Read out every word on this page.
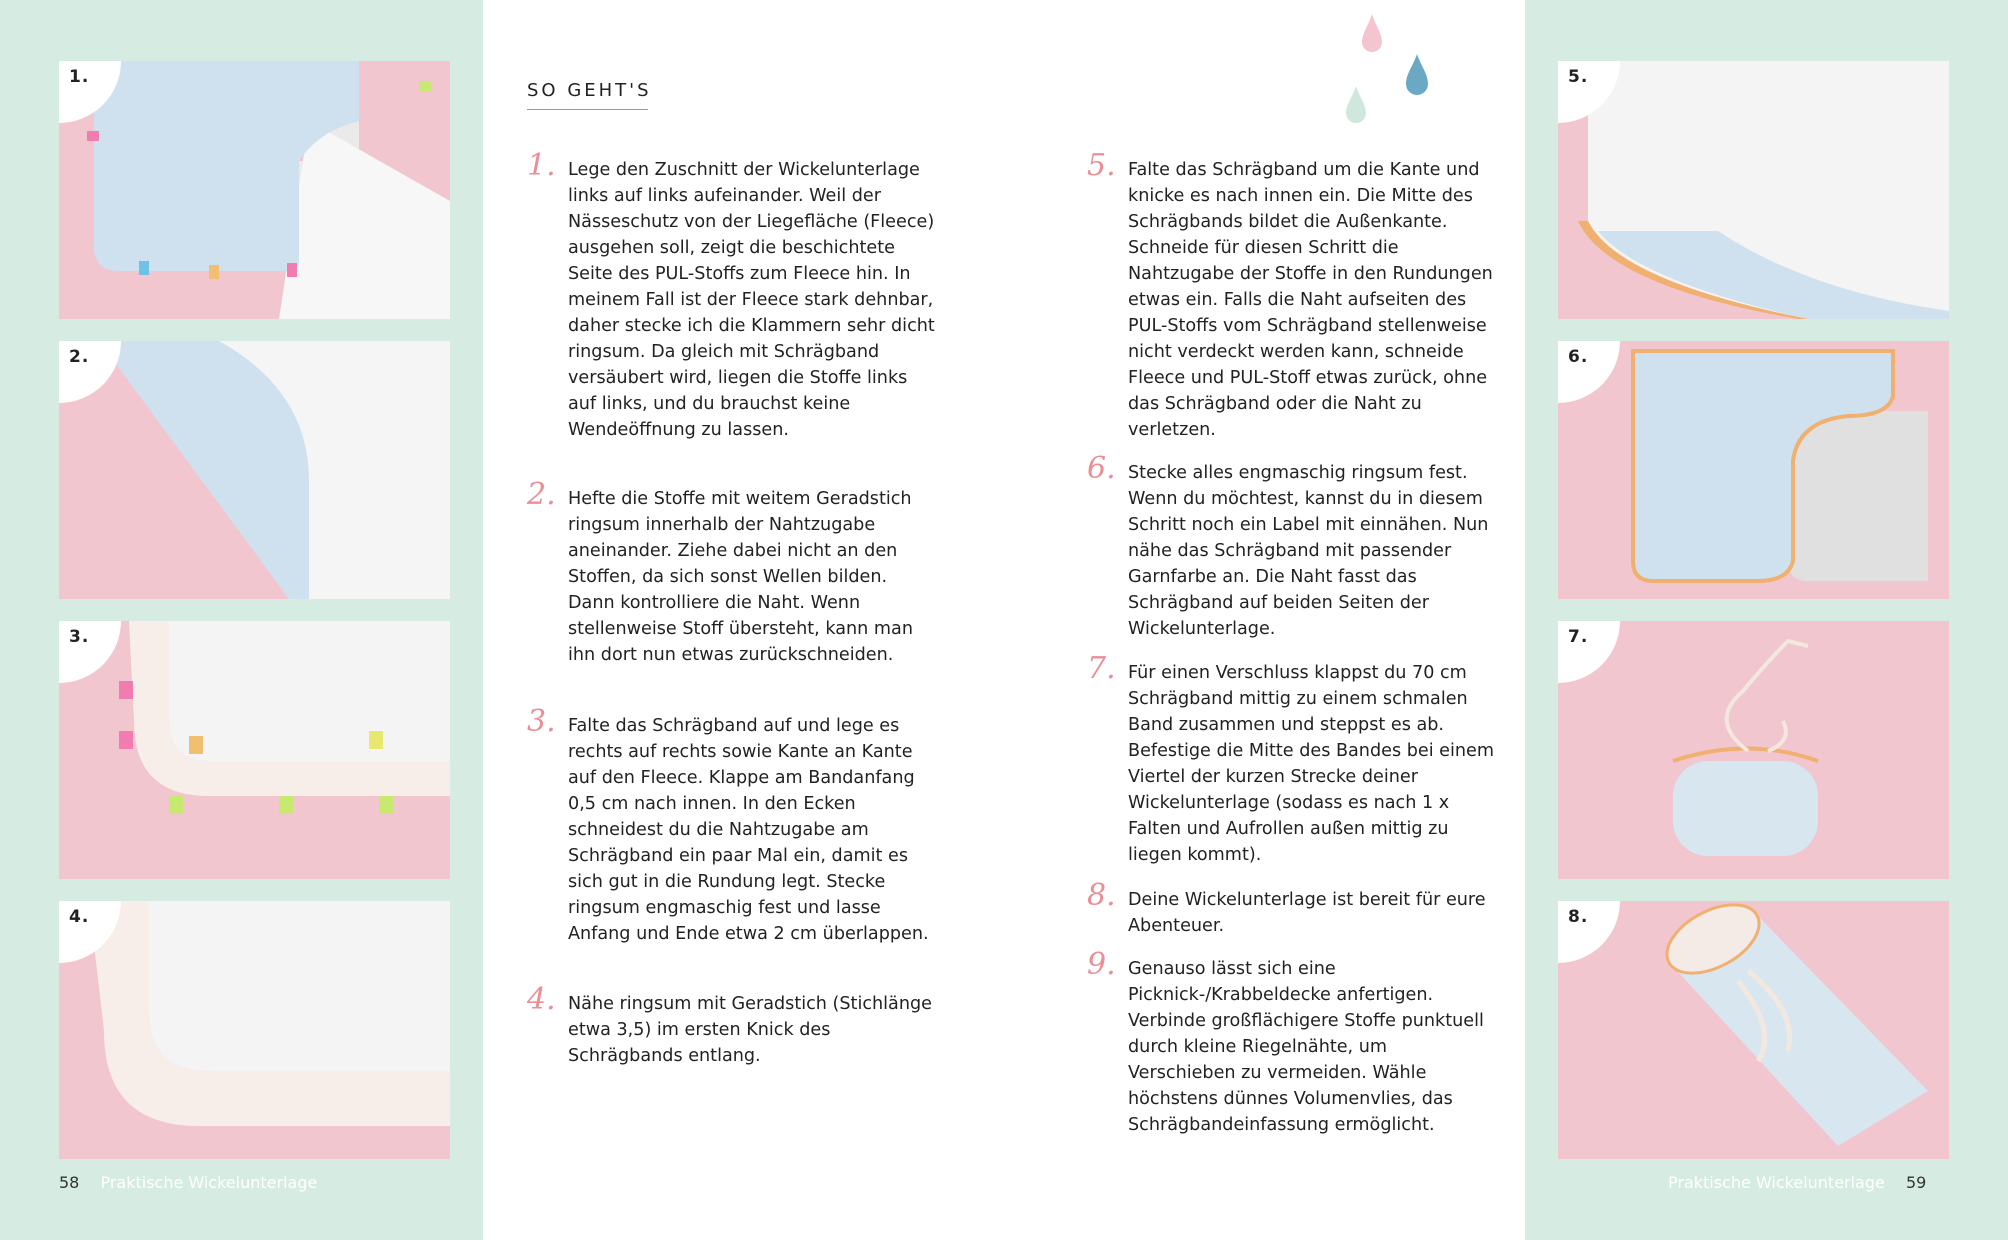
1.
2.
3.
4.
5.
6.
7.
8.
SO GEHT'S
1. Lege den Zuschnitt der Wickelunterlage links auf links aufeinander. Weil der Nässeschutz von der Liegefläche (Fleece) ausgehen soll, zeigt die beschichtete Seite des PUL-Stoffs zum Fleece hin. In meinem Fall ist der Fleece stark dehnbar, daher stecke ich die Klammern sehr dicht ringsum. Da gleich mit Schrägband versäubert wird, liegen die Stoffe links auf links, und du brauchst keine Wendeöffnung zu lassen.
2. Hefte die Stoffe mit weitem Geradstich ringsum innerhalb der Nahtzugabe aneinander. Ziehe dabei nicht an den Stoffen, da sich sonst Wellen bilden. Dann kontrolliere die Naht. Wenn stellenweise Stoff übersteht, kann man ihn dort nun etwas zurückschneiden.
3. Falte das Schrägband auf und lege es rechts auf rechts sowie Kante an Kante auf den Fleece. Klappe am Bandanfang 0,5 cm nach innen. In den Ecken schneidest du die Nahtzugabe am Schrägband ein paar Mal ein, damit es sich gut in die Rundung legt. Stecke ringsum engmaschig fest und lasse Anfang und Ende etwa 2 cm überlappen.
4. Nähe ringsum mit Geradstich (Stichlänge etwa 3,5) im ersten Knick des Schrägbands entlang.
5. Falte das Schrägband um die Kante und knicke es nach innen ein. Die Mitte des Schrägbands bildet die Außenkante. Schneide für diesen Schritt die Nahtzugabe der Stoffe in den Rundungen etwas ein. Falls die Naht aufseiten des PUL-Stoffs vom Schrägband stellenweise nicht verdeckt werden kann, schneide Fleece und PUL-Stoff etwas zurück, ohne das Schrägband oder die Naht zu verletzen.
6. Stecke alles engmaschig ringsum fest. Wenn du möchtest, kannst du in diesem Schritt noch ein Label mit einnähen. Nun nähe das Schrägband mit passender Garnfarbe an. Die Naht fasst das Schrägband auf beiden Seiten der Wickelunterlage.
7. Für einen Verschluss klappst du 70 cm Schrägband mittig zu einem schmalen Band zusammen und steppst es ab. Befestige die Mitte des Bandes bei einem Viertel der kurzen Strecke deiner Wickelunterlage (sodass es nach 1 x Falten und Aufrollen außen mittig zu liegen kommt).
8. Deine Wickelunterlage ist bereit für eure Abenteuer.
9. Genauso lässt sich eine Picknick-/Krabbeldecke anfertigen. Verbinde großflächigere Stoffe punktuell durch kleine Riegelnähte, um Verschieben zu vermeiden. Wähle höchstens dünnes Volumenvlies, das Schrägbandeinfassung ermöglicht.
58 Praktische Wickelunterlage	Praktische Wickelunterlage 59
